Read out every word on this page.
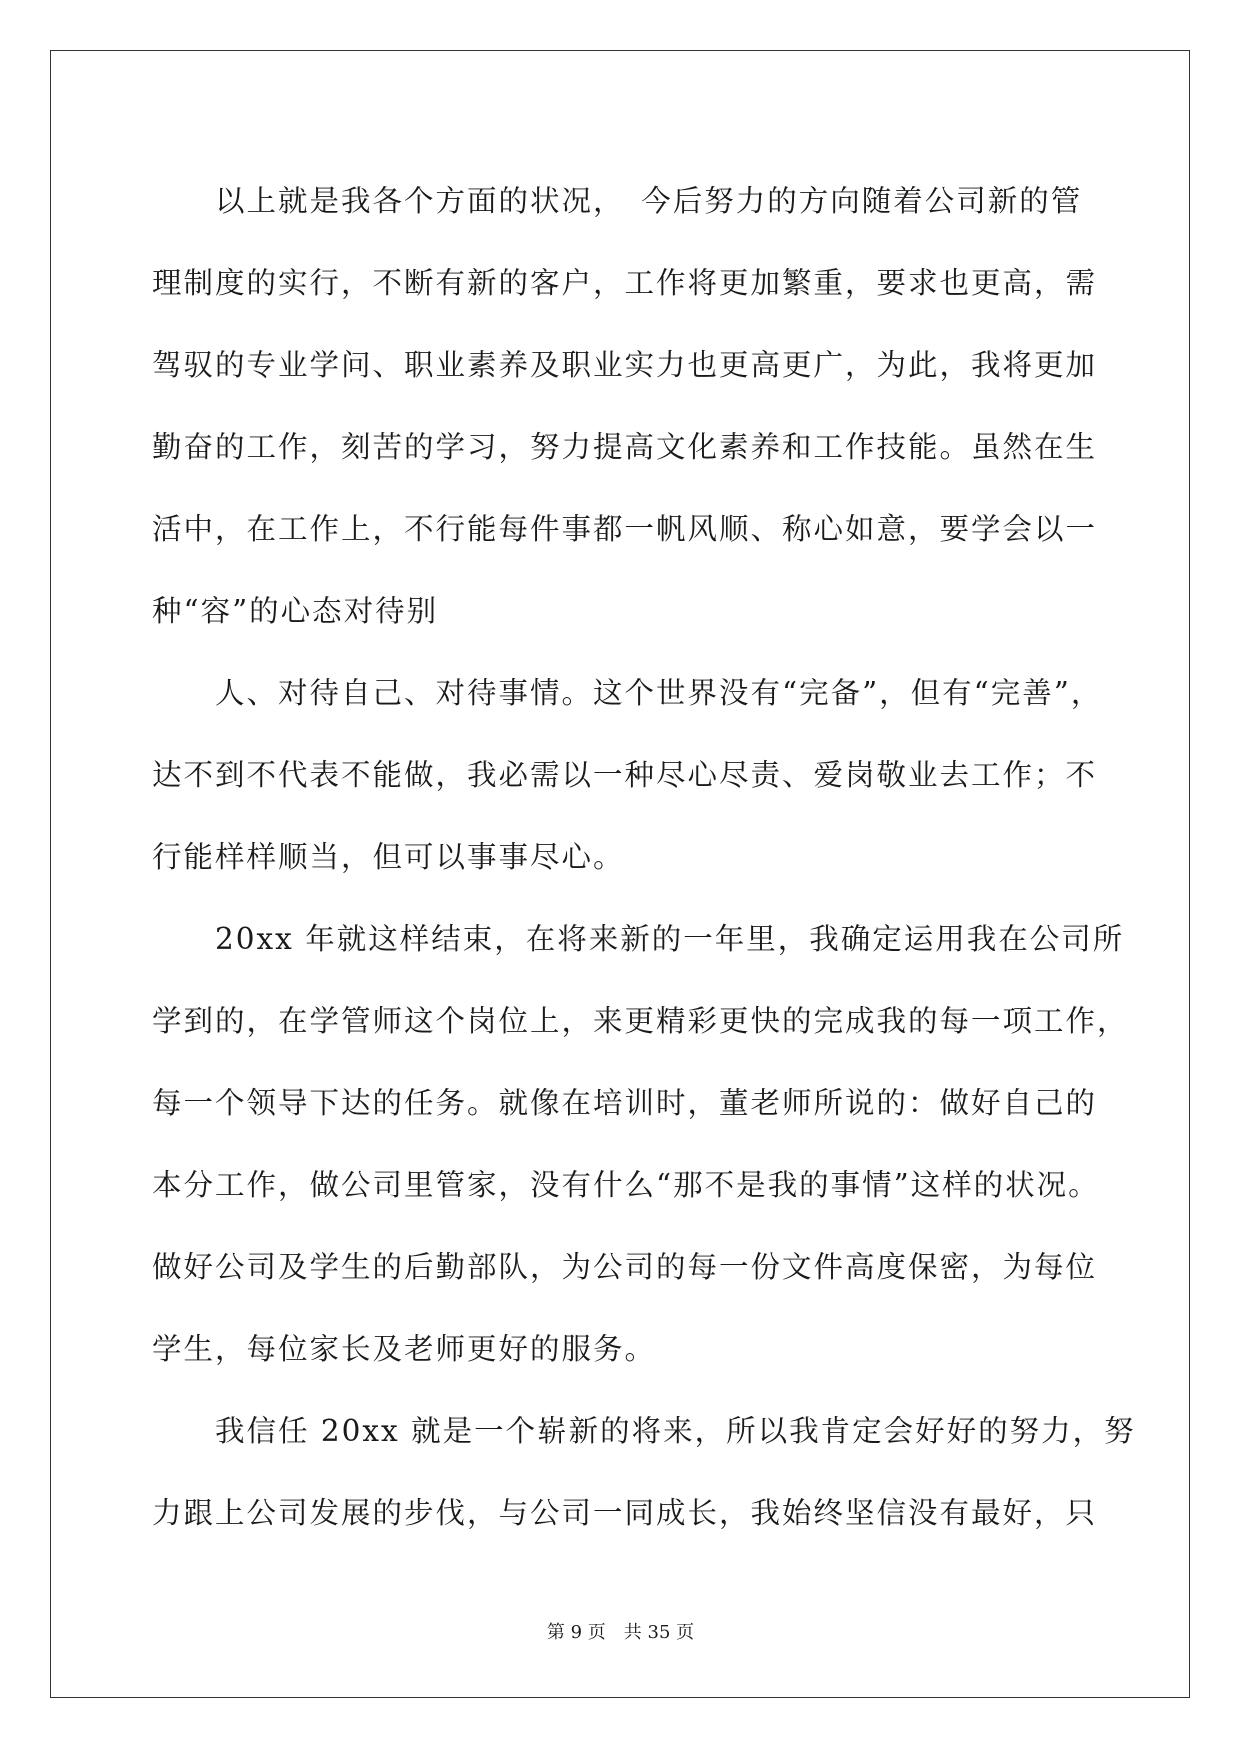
　　以上就是我各个方面的状况，　今后努力的方向随着公司新的管
理制度的实行，不断有新的客户，工作将更加繁重，要求也更高，需
驾驭的专业学问、职业素养及职业实力也更高更广，为此，我将更加
勤奋的工作，刻苦的学习，努力提高文化素养和工作技能。虽然在生
活中，在工作上，不行能每件事都一帆风顺、称心如意，要学会以一
种“容”的心态对待别
　　人、对待自己、对待事情。这个世界没有“完备”，但有“完善”，
达不到不代表不能做，我必需以一种尽心尽责、爱岗敬业去工作；不
行能样样顺当，但可以事事尽心。
　　20xx 年就这样结束，在将来新的一年里，我确定运用我在公司所
学到的，在学管师这个岗位上，来更精彩更快的完成我的每一项工作，
每一个领导下达的任务。就像在培训时，董老师所说的：做好自己的
本分工作，做公司里管家，没有什么“那不是我的事情”这样的状况。
做好公司及学生的后勤部队，为公司的每一份文件高度保密，为每位
学生，每位家长及老师更好的服务。
　　我信任 20xx 就是一个崭新的将来，所以我肯定会好好的努力，努
力跟上公司发展的步伐，与公司一同成长，我始终坚信没有最好，只
第 9 页　共 35 页
